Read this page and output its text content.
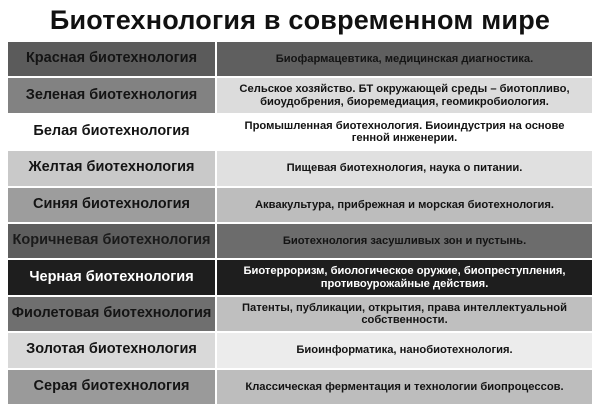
Биотехнология в современном мире
Красная биотехнология	Биофармацевтика, медицинская диагностика.
Зеленая биотехнология	Сельское хозяйство. БТ окружающей среды – биотопливо, биоудобрения, биоремедиация, геомикробиология.
Белая биотехнология	Промышленная биотехнология. Биоиндустрия на основе генной инженерии.
Желтая биотехнология	Пищевая биотехнология, наука о питании.
Синяя биотехнология	Аквакультура, прибрежная и морская биотехнология.
Коричневая биотехнология	Биотехнология засушливых зон и пустынь.
Черная биотехнология	Биотерроризм, биологическое оружие, биопреступления, противоурожайные действия.
Фиолетовая биотехнология	Патенты, публикации, открытия, права интеллектуальной собственности.
Золотая биотехнология	Биоинформатика, нанобиотехнология.
Серая биотехнология	Классическая ферментация и технологии биопроцессов.
